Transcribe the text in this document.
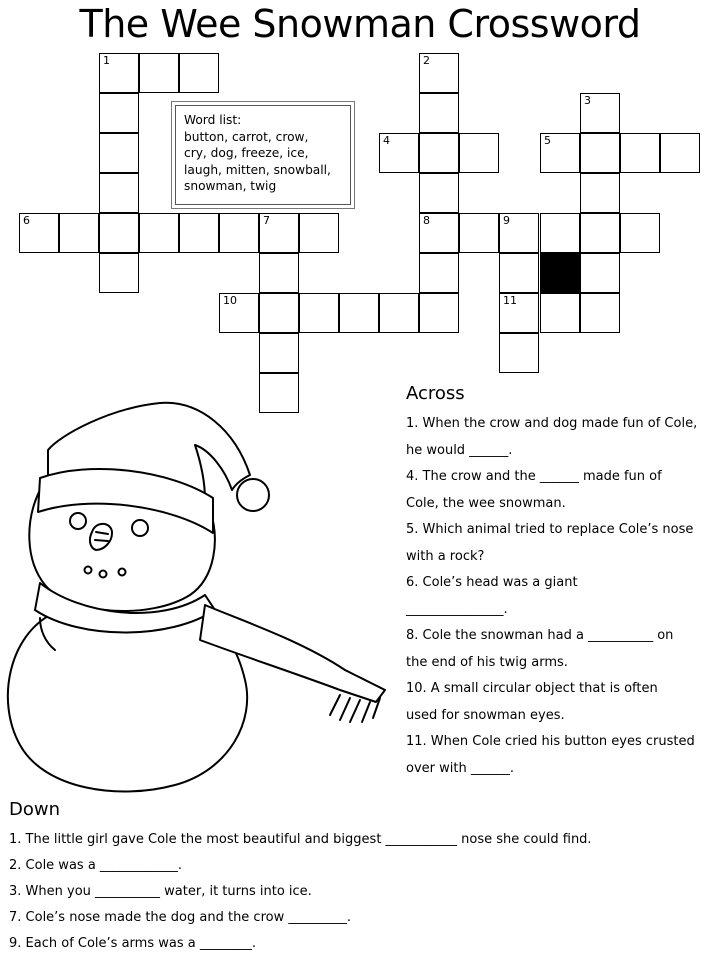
The Wee Snowman Crossword
1	2
3
4	5
6	7	8	9
10	11
Word list:
button, carrot, crow,
cry, dog, freeze, ice,
laugh, mitten, snowball,
snowman, twig
Across
1. When the crow and dog made fun of Cole,
he would ______.
4. The crow and the ______ made fun of
Cole, the wee snowman.
5. Which animal tried to replace Cole’s nose
with a rock?
6. Cole’s head was a giant
_______________.
8. Cole the snowman had a __________ on
the end of his twig arms.
10. A small circular object that is often
used for snowman eyes.
11. When Cole cried his button eyes crusted
over with ______.
Down
1. The little girl gave Cole the most beautiful and biggest ___________ nose she could find.
2. Cole was a ____________.
3. When you __________ water, it turns into ice.
7. Cole’s nose made the dog and the crow _________.
9. Each of Cole’s arms was a ________.
